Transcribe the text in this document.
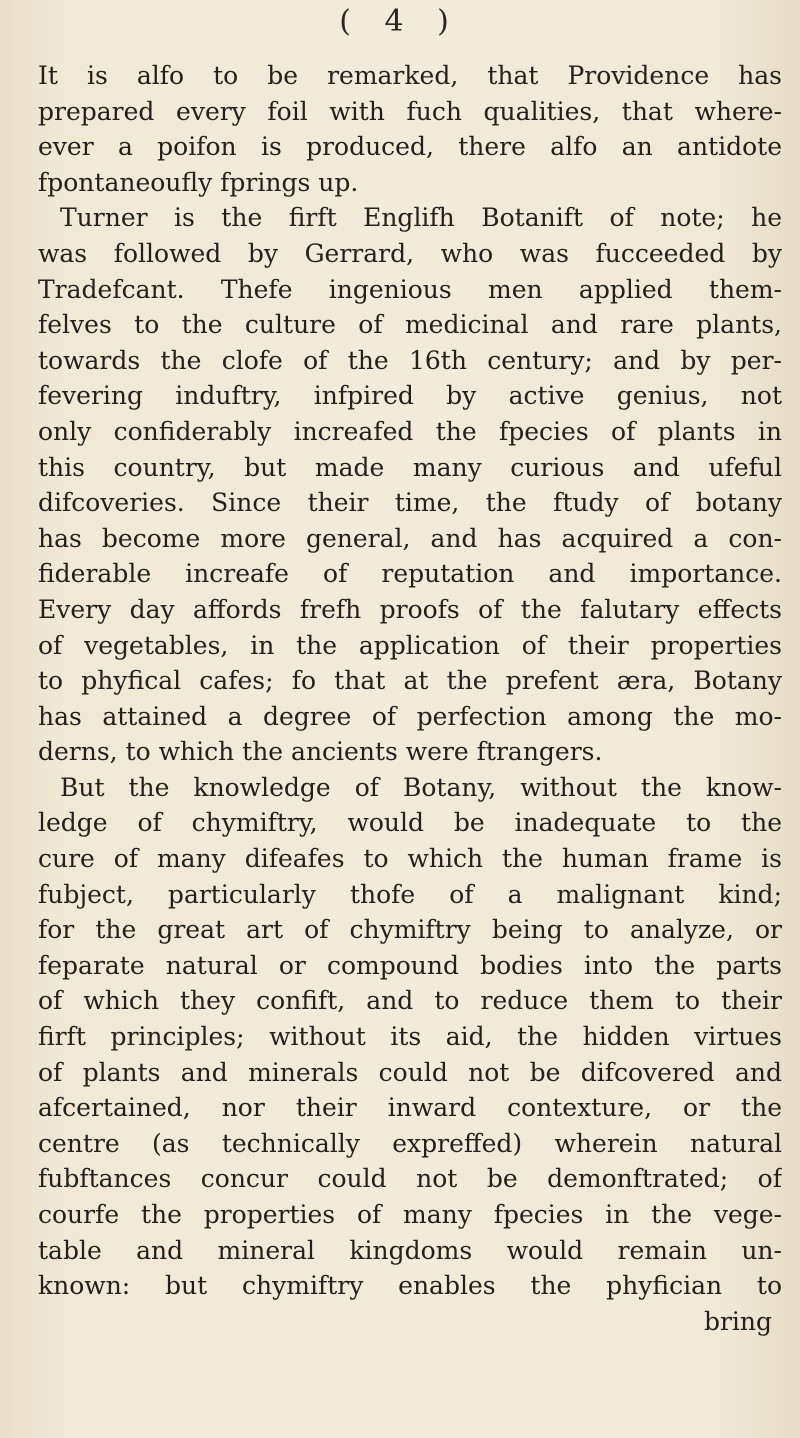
( 4 )
It is alfo to be remarked, that Providence has
prepared every foil with fuch qualities, that where-
ever a poifon is produced, there alfo an antidote
fpontaneoufly fprings up.
Turner is the firft Englifh Botanift of note; he
was followed by Gerrard, who was fucceeded by
Tradefcant. Thefe ingenious men applied them-
felves to the culture of medicinal and rare plants,
towards the clofe of the 16th century; and by per-
fevering induftry, infpired by active genius, not
only confiderably increafed the fpecies of plants in
this country, but made many curious and ufeful
difcoveries. Since their time, the ftudy of botany
has become more general, and has acquired a con-
fiderable increafe of reputation and importance.
Every day affords frefh proofs of the falutary effects
of vegetables, in the application of their properties
to phyfical cafes; fo that at the prefent æra, Botany
has attained a degree of perfection among the mo-
derns, to which the ancients were ftrangers.
But the knowledge of Botany, without the know-
ledge of chymiftry, would be inadequate to the
cure of many difeafes to which the human frame is
fubject, particularly thofe of a malignant kind;
for the great art of chymiftry being to analyze, or
feparate natural or compound bodies into the parts
of which they confift, and to reduce them to their
firft principles; without its aid, the hidden virtues
of plants and minerals could not be difcovered and
afcertained, nor their inward contexture, or the
centre (as technically expreffed) wherein natural
fubftances concur could not be demonftrated; of
courfe the properties of many fpecies in the vege-
table and mineral kingdoms would remain un-
known: but chymiftry enables the phyfician to
bring
